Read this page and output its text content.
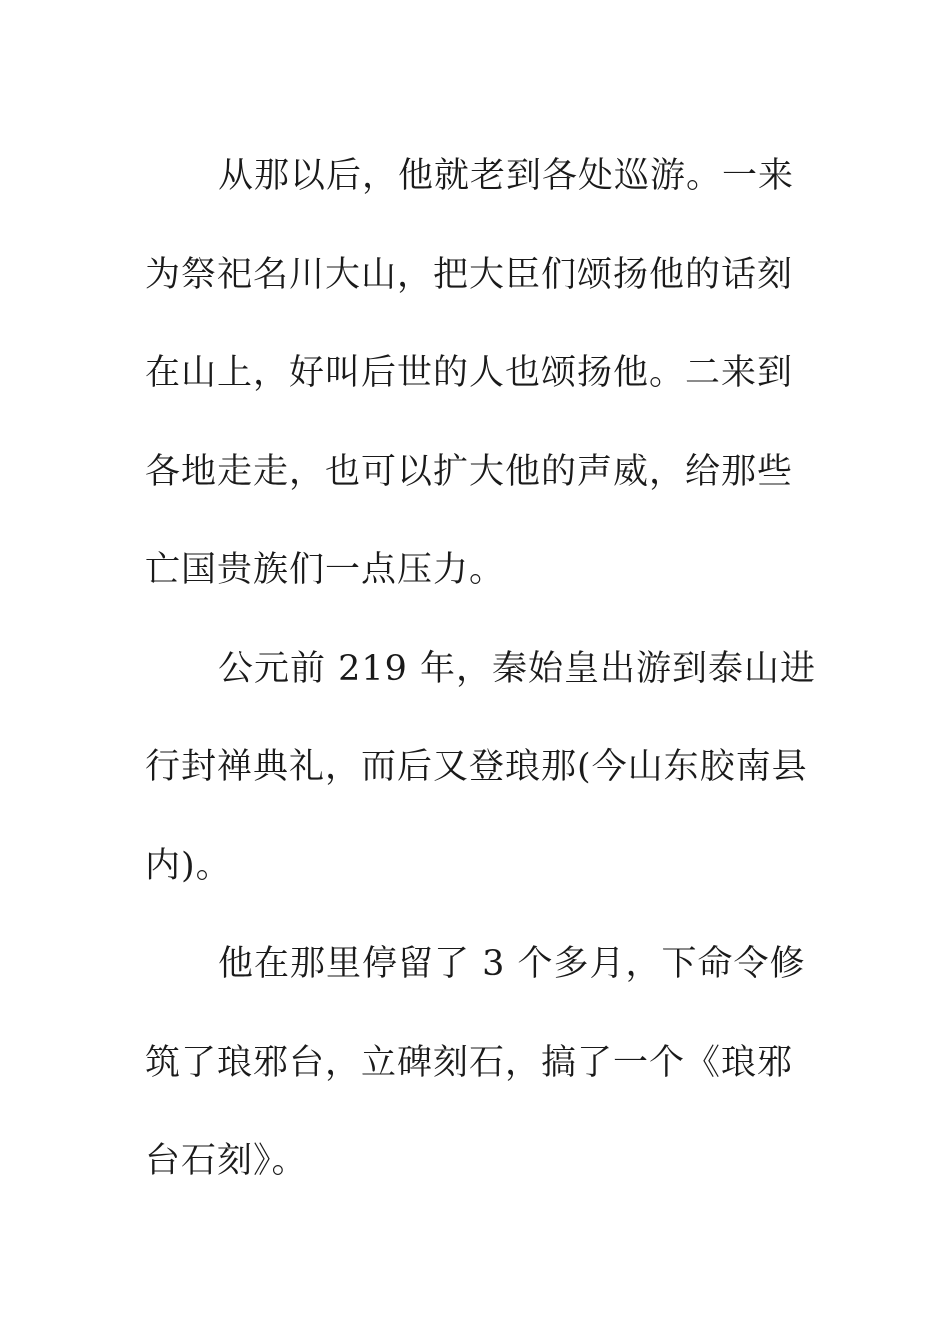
从那以后，他就老到各处巡游。一来
为祭祀名川大山，把大臣们颂扬他的话刻
在山上，好叫后世的人也颂扬他。二来到
各地走走，也可以扩大他的声威，给那些
亡国贵族们一点压力。
公元前 219 年，秦始皇出游到泰山进
行封禅典礼，而后又登琅那(今山东胶南县
内)。
他在那里停留了 3 个多月，下命令修
筑了琅邪台，立碑刻石，搞了一个《琅邪
台石刻》。
